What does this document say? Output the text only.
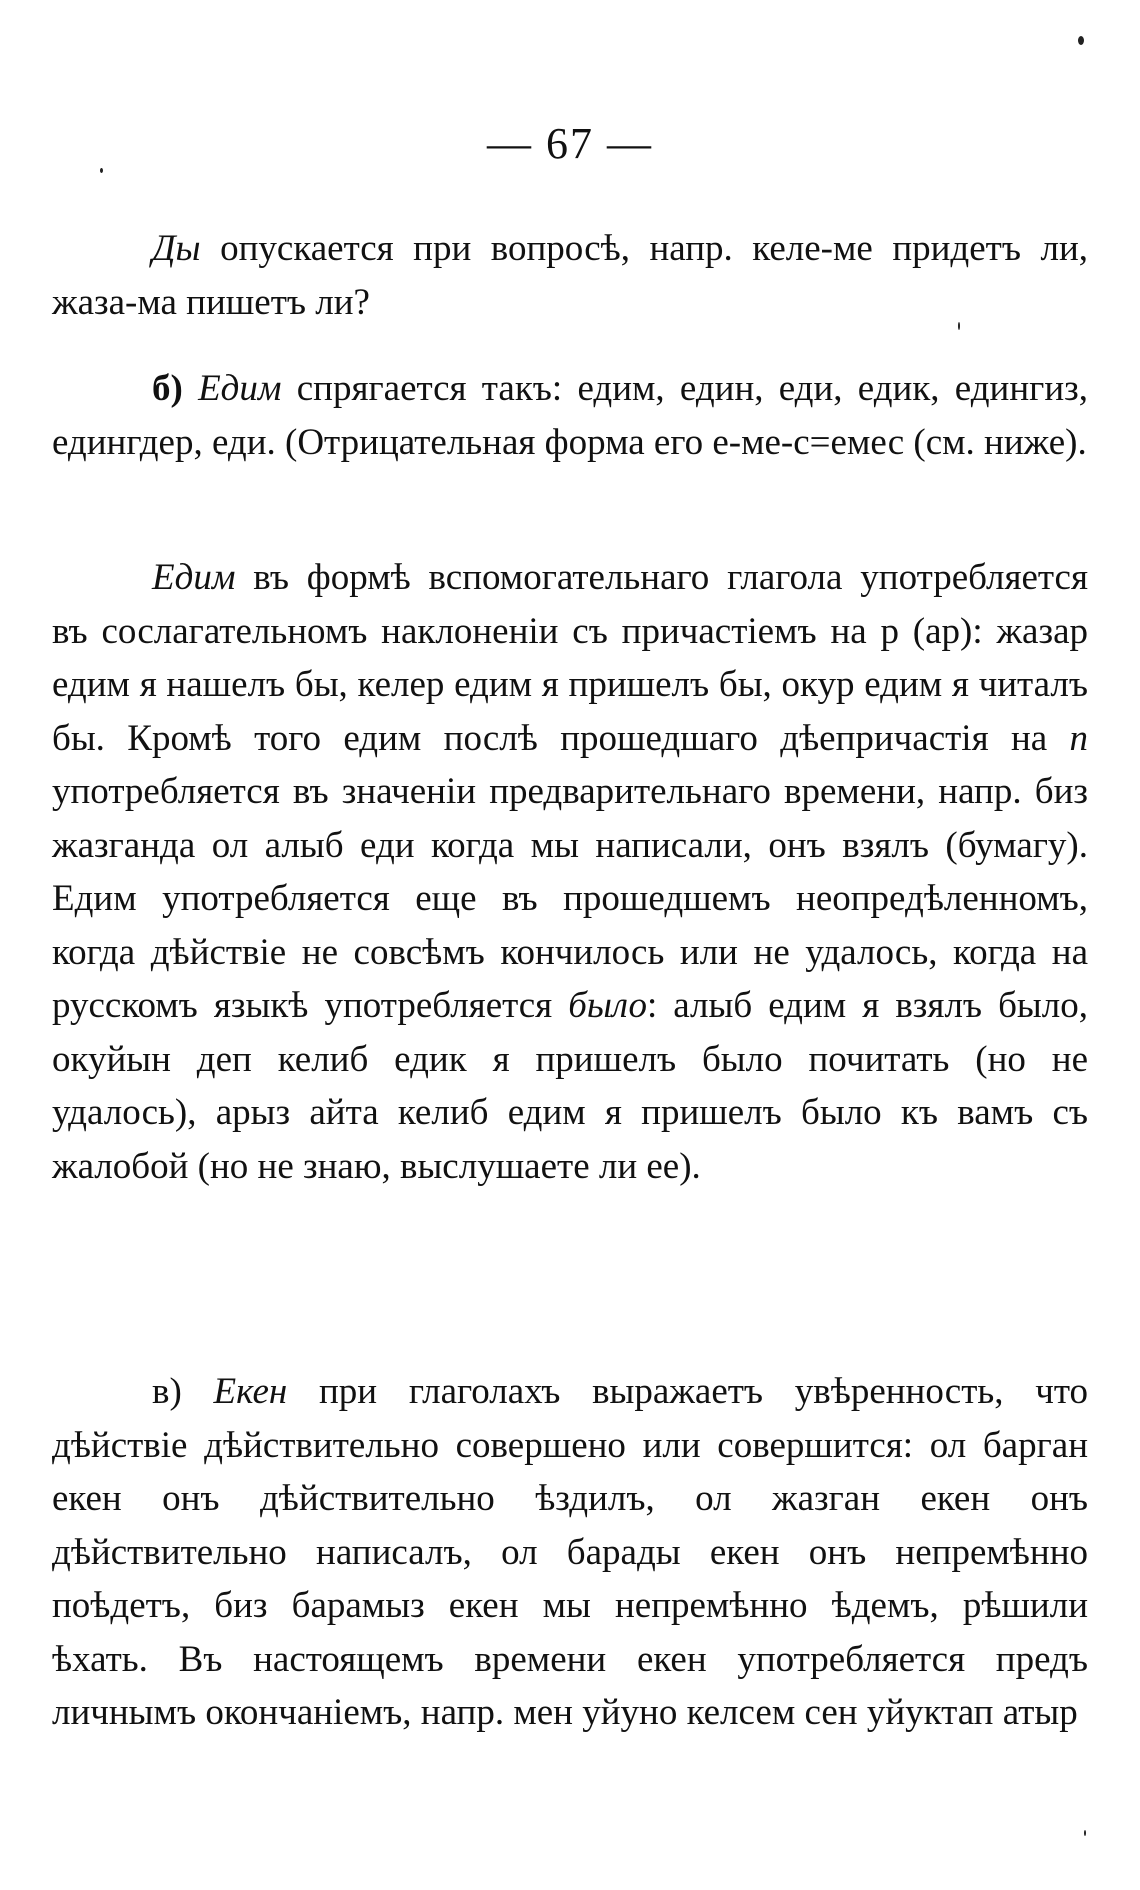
— 67 —

Ды опускается при вопросѣ, напр. келе-ме придетъ ли, жаза-ма пишетъ ли?

б) Едим спрягается такъ: едим, един, еди, едик, едингиз, едингдер, еди. (Отрицательная форма его е-ме-с=емес (см. ниже).

Едим въ формѣ вспомогательнаго глагола употребляется въ сослагательномъ наклоненіи съ причастіемъ на р (ар): жазар едим я нашелъ бы, келер едим я пришелъ бы, окур едим я читалъ бы. Кромѣ того едим послѣ прошедшаго дѣепричастія на п употребляется въ значеніи предварительнаго времени, напр. биз жазганда ол алыб еди когда мы написали, онъ взялъ (бумагу). Едим употребляется еще въ прошедшемъ неопредѣленномъ, когда дѣйствіе не совсѣмъ кончилось или не удалось, когда на русскомъ языкѣ употребляется было: алыб едим я взялъ было, окуйын деп келиб едик я пришелъ было почитать (но не удалось), арыз айта келиб едим я пришелъ было къ вамъ съ жалобой (но не знаю, выслушаете ли ее).

в) Екен при глаголахъ выражаетъ увѣренность, что дѣйствіе дѣйствительно совершено или совершится: ол барган екен онъ дѣйствительно ѣздилъ, ол жазган екен онъ дѣйствительно написалъ, ол барады екен онъ непремѣнно поѣдетъ, биз барамыз екен мы непремѣнно ѣдемъ, рѣшили ѣхать. Въ настоящемъ времени екен употребляется предъ личнымъ окончаніемъ, напр. мен уйуно келсем сен уйуктап атыр
